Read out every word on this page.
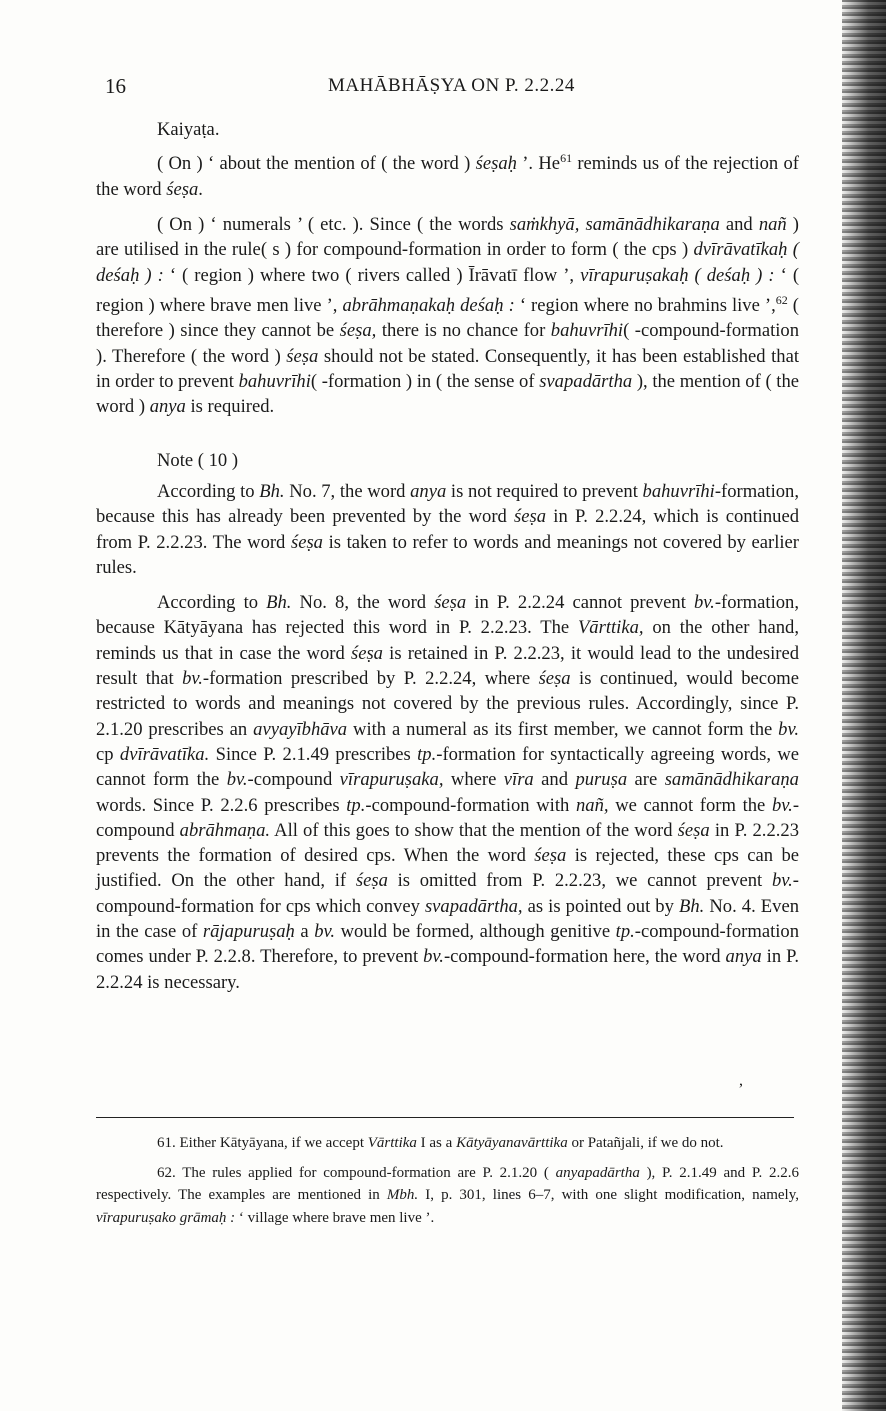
16	MAHĀBHĀṢYA ON P. 2.2.24

Kaiyaṭa.

( On ) ‘ about the mention of ( the word ) śeṣaḥ ’. He$^{61}$ reminds us of the rejection of the word śeṣa.

( On ) ‘ numerals ’ ( etc. ). Since ( the words saṁkhyā, samānādhikaraṇa and nañ ) are utilised in the rule( s ) for compound-formation in order to form ( the cps ) dvīrāvatīkaḥ ( deśaḥ ) : ‘ ( region ) where two ( rivers called ) Īrāvatī flow ’, vīrapuruṣakaḥ ( deśaḥ ) : ‘ ( region ) where brave men live ’, abrāhmaṇakaḥ deśaḥ : ‘ region where no brahmins live ’,$^{62}$ ( therefore ) since they cannot be śeṣa, there is no chance for bahuvrīhi( -compound-formation ). Therefore ( the word ) śeṣa should not be stated. Consequently, it has been established that in order to prevent bahuvrīhi( -formation ) in ( the sense of svapadārtha ), the mention of ( the word ) anya is required.

Note ( 10 )

According to Bh. No. 7, the word anya is not required to prevent bahuvrīhi-formation, because this has already been prevented by the word śeṣa in P. 2.2.24, which is continued from P. 2.2.23. The word śeṣa is taken to refer to words and meanings not covered by earlier rules.

According to Bh. No. 8, the word śeṣa in P. 2.2.24 cannot prevent bv.-formation, because Kātyāyana has rejected this word in P. 2.2.23. The Vārttika, on the other hand, reminds us that in case the word śeṣa is retained in P. 2.2.23, it would lead to the undesired result that bv.-formation prescribed by P. 2.2.24, where śeṣa is continued, would become restricted to words and meanings not covered by the previous rules. Accordingly, since P. 2.1.20 prescribes an avyayībhāva with a numeral as its first member, we cannot form the bv. cp dvīrāvatīka. Since P. 2.1.49 prescribes tp.-formation for syntactically agreeing words, we cannot form the bv.-compound vīrapuruṣaka, where vīra and puruṣa are samānādhikaraṇa words. Since P. 2.2.6 prescribes tp.-compound-formation with nañ, we cannot form the bv.-compound abrāhmaṇa. All of this goes to show that the mention of the word śeṣa in P. 2.2.23 prevents the formation of desired cps. When the word śeṣa is rejected, these cps can be justified. On the other hand, if śeṣa is omitted from P. 2.2.23, we cannot prevent bv.-compound-formation for cps which convey svapadārtha, as is pointed out by Bh. No. 4. Even in the case of rājapuruṣaḥ a bv. would be formed, although genitive tp.-compound-formation comes under P. 2.2.8. Therefore, to prevent bv.-compound-formation here, the word anya in P. 2.2.24 is necessary.

,

61. Either Kātyāyana, if we accept Vārttika I as a Kātyāyanavārttika or Patañjali, if we do not.

62. The rules applied for compound-formation are P. 2.1.20 ( anyapadārtha ), P. 2.1.49 and P. 2.2.6 respectively. The examples are mentioned in Mbh. I, p. 301, lines 6–7, with one slight modification, namely, vīrapuruṣako grāmaḥ : ‘ village where brave men live ’.
